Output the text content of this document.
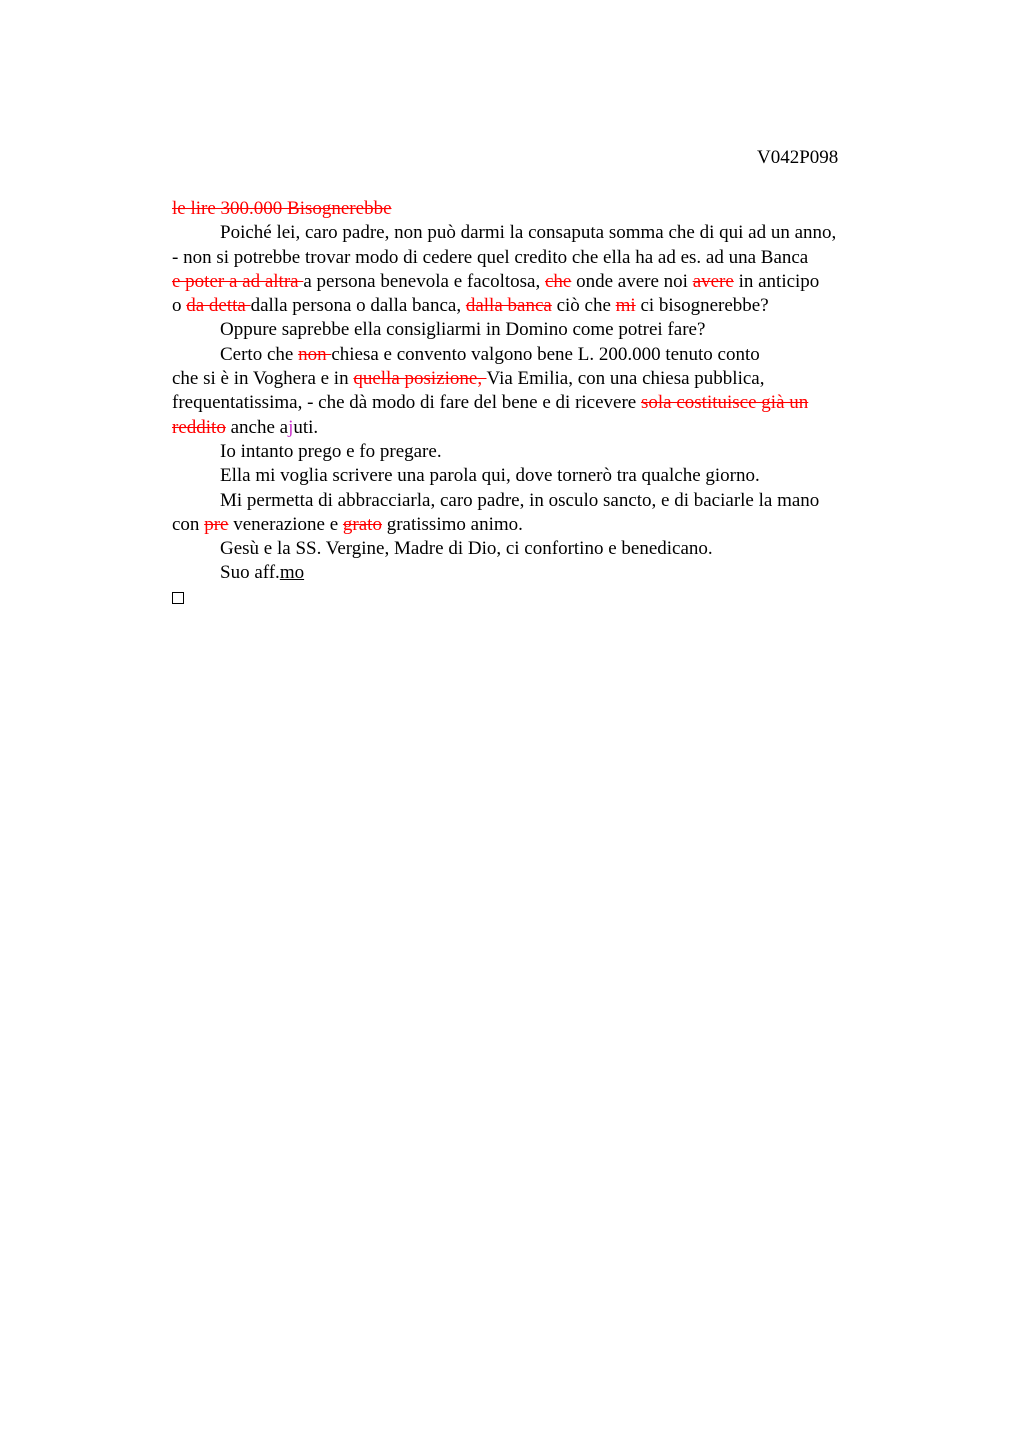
V042P098
le lire 300.000 Bisognerebbe
Poiché lei, caro padre, non può darmi la consaputa somma che di qui ad un anno,
- non si potrebbe trovar modo di cedere quel credito che ella ha ad es. ad una Banca
e poter a ad altra a persona benevola e facoltosa, che onde avere noi avere in anticipo
o da detta dalla persona o dalla banca, dalla banca ciò che mi ci bisognerebbe?
Oppure saprebbe ella consigliarmi in Domino come potrei fare?
Certo che non chiesa e convento valgono bene L. 200.000 tenuto conto
che si è in Voghera e in quella posizione, Via Emilia, con una chiesa pubblica,
frequentatissima, - che dà modo di fare del bene e di ricevere sola costituisce già un
reddito anche ajuti.
Io intanto prego e fo pregare.
Ella mi voglia scrivere una parola qui, dove tornerò tra qualche giorno.
Mi permetta di abbracciarla, caro padre, in osculo sancto, e di baciarle la mano
con pre venerazione e grato gratissimo animo.
Gesù e la SS. Vergine, Madre di Dio, ci confortino e benedicano.
Suo aff.mo
